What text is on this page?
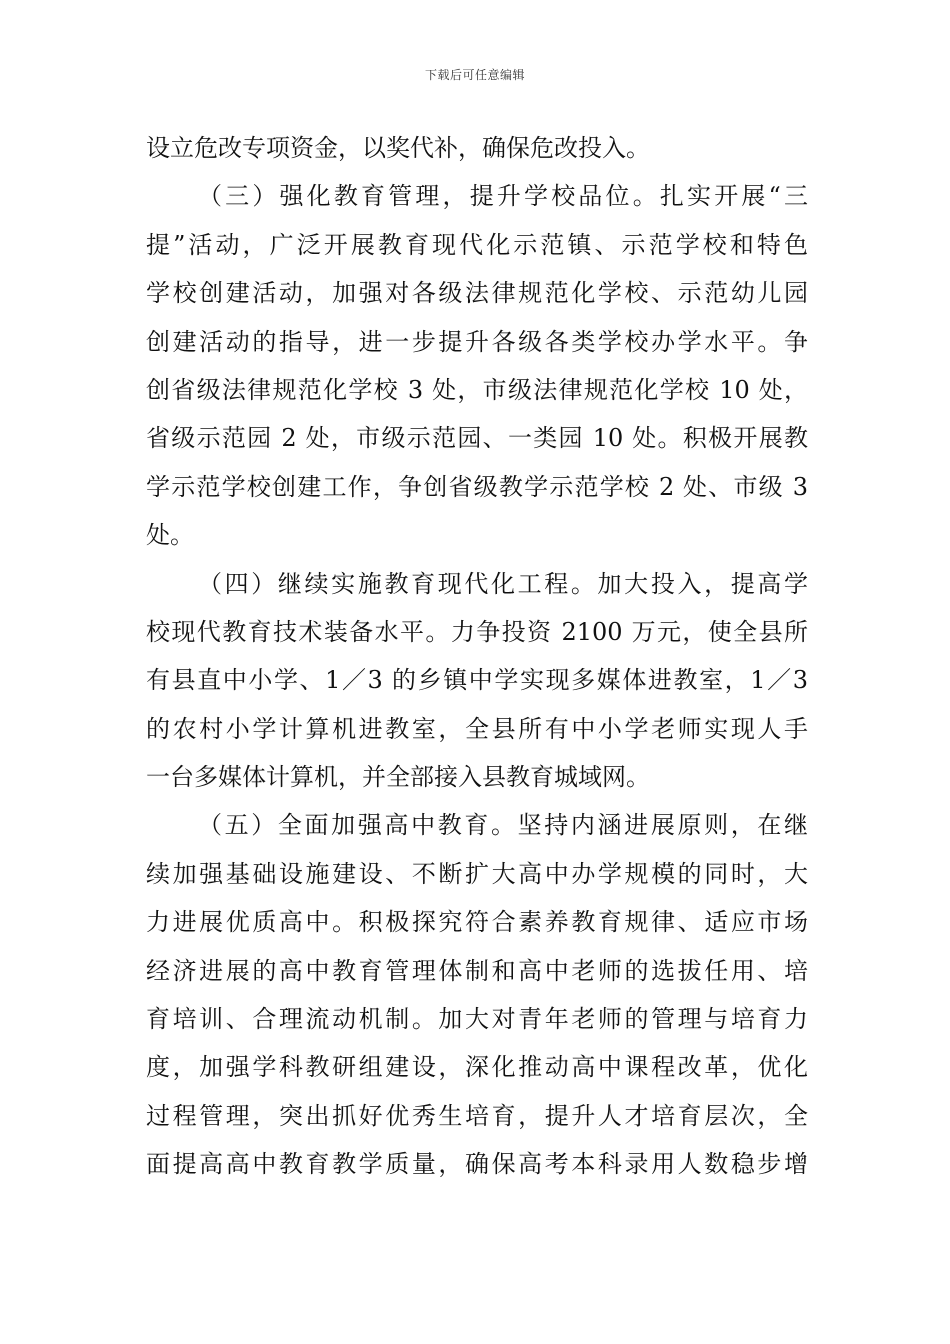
下载后可任意编辑
设立危改专项资金，以奖代补，确保危改投入。
（三）强化教育管理，提升学校品位。扎实开展“三
提”活动，广泛开展教育现代化示范镇、示范学校和特色
学校创建活动，加强对各级法律规范化学校、示范幼儿园
创建活动的指导，进一步提升各级各类学校办学水平。争
创省级法律规范化学校 3 处，市级法律规范化学校 10 处，
省级示范园 2 处，市级示范园、一类园 10 处。积极开展教
学示范学校创建工作，争创省级教学示范学校 2 处、市级 3
处。
（四）继续实施教育现代化工程。加大投入，提高学
校现代教育技术装备水平。力争投资 2100 万元，使全县所
有县直中小学、1／3 的乡镇中学实现多媒体进教室，1／3
的农村小学计算机进教室，全县所有中小学老师实现人手
一台多媒体计算机，并全部接入县教育城域网。
（五）全面加强高中教育。坚持内涵进展原则，在继
续加强基础设施建设、不断扩大高中办学规模的同时，大
力进展优质高中。积极探究符合素养教育规律、适应市场
经济进展的高中教育管理体制和高中老师的选拔任用、培
育培训、合理流动机制。加大对青年老师的管理与培育力
度，加强学科教研组建设，深化推动高中课程改革，优化
过程管理，突出抓好优秀生培育，提升人才培育层次，全
面提高高中教育教学质量，确保高考本科录用人数稳步增
